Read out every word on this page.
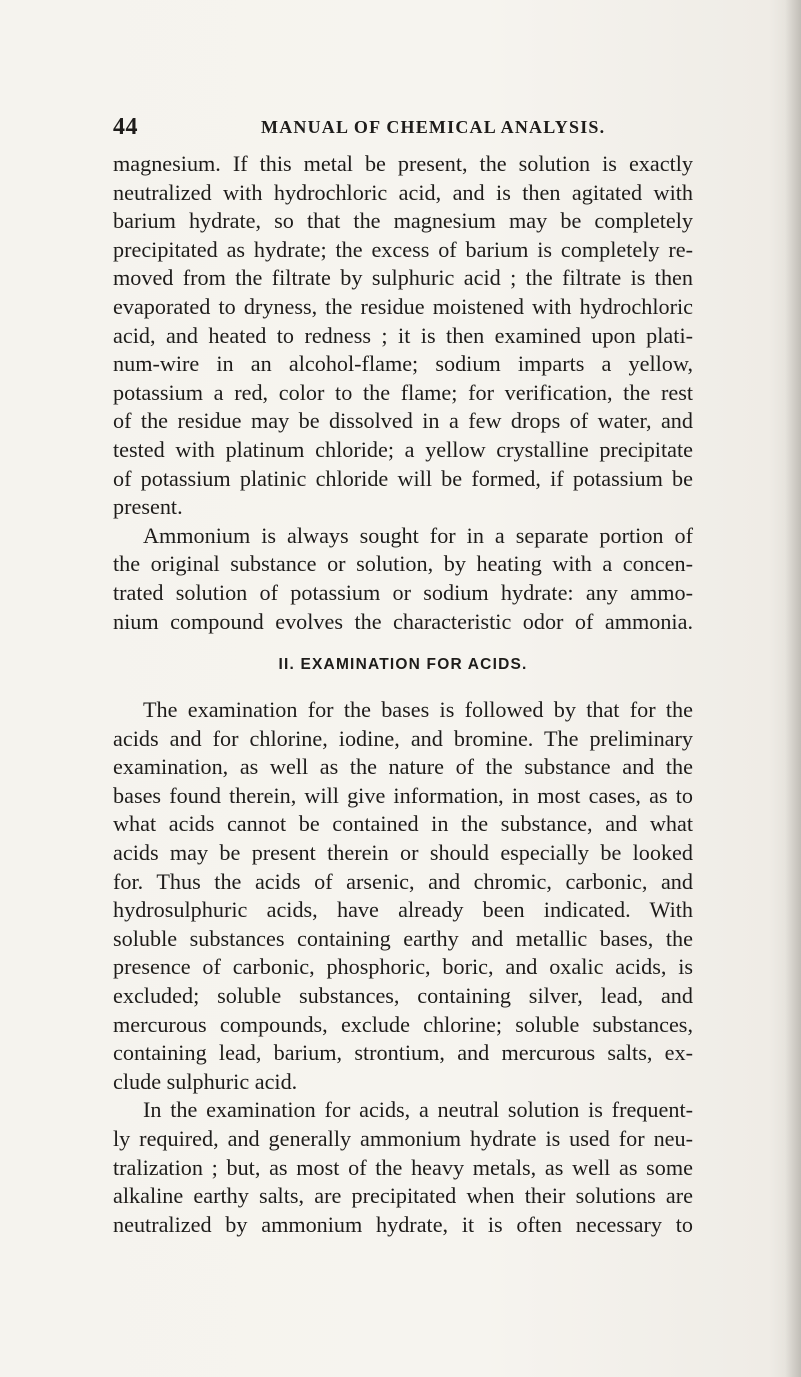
44	MANUAL OF CHEMICAL ANALYSIS.
magnesium. If this metal be present, the solution is exactly
neutralized with hydrochloric acid, and is then agitated with
barium hydrate, so that the magnesium may be completely
precipitated as hydrate; the excess of barium is completely re-
moved from the filtrate by sulphuric acid ; the filtrate is then
evaporated to dryness, the residue moistened with hydrochloric
acid, and heated to redness ; it is then examined upon plati-
num-wire in an alcohol-flame; sodium imparts a yellow,
potassium a red, color to the flame; for verification, the rest
of the residue may be dissolved in a few drops of water, and
tested with platinum chloride; a yellow crystalline precipitate
of potassium platinic chloride will be formed, if potassium be
present.
Ammonium is always sought for in a separate portion of
the original substance or solution, by heating with a concen-
trated solution of potassium or sodium hydrate: any ammo-
nium compound evolves the characteristic odor of ammonia.
II. EXAMINATION FOR ACIDS.
The examination for the bases is followed by that for the
acids and for chlorine, iodine, and bromine. The preliminary
examination, as well as the nature of the substance and the
bases found therein, will give information, in most cases, as to
what acids cannot be contained in the substance, and what
acids may be present therein or should especially be looked
for. Thus the acids of arsenic, and chromic, carbonic, and
hydrosulphuric acids, have already been indicated. With
soluble substances containing earthy and metallic bases, the
presence of carbonic, phosphoric, boric, and oxalic acids, is
excluded; soluble substances, containing silver, lead, and
mercurous compounds, exclude chlorine; soluble substances,
containing lead, barium, strontium, and mercurous salts, ex-
clude sulphuric acid.
In the examination for acids, a neutral solution is frequent-
ly required, and generally ammonium hydrate is used for neu-
tralization ; but, as most of the heavy metals, as well as some
alkaline earthy salts, are precipitated when their solutions are
neutralized by ammonium hydrate, it is often necessary to
